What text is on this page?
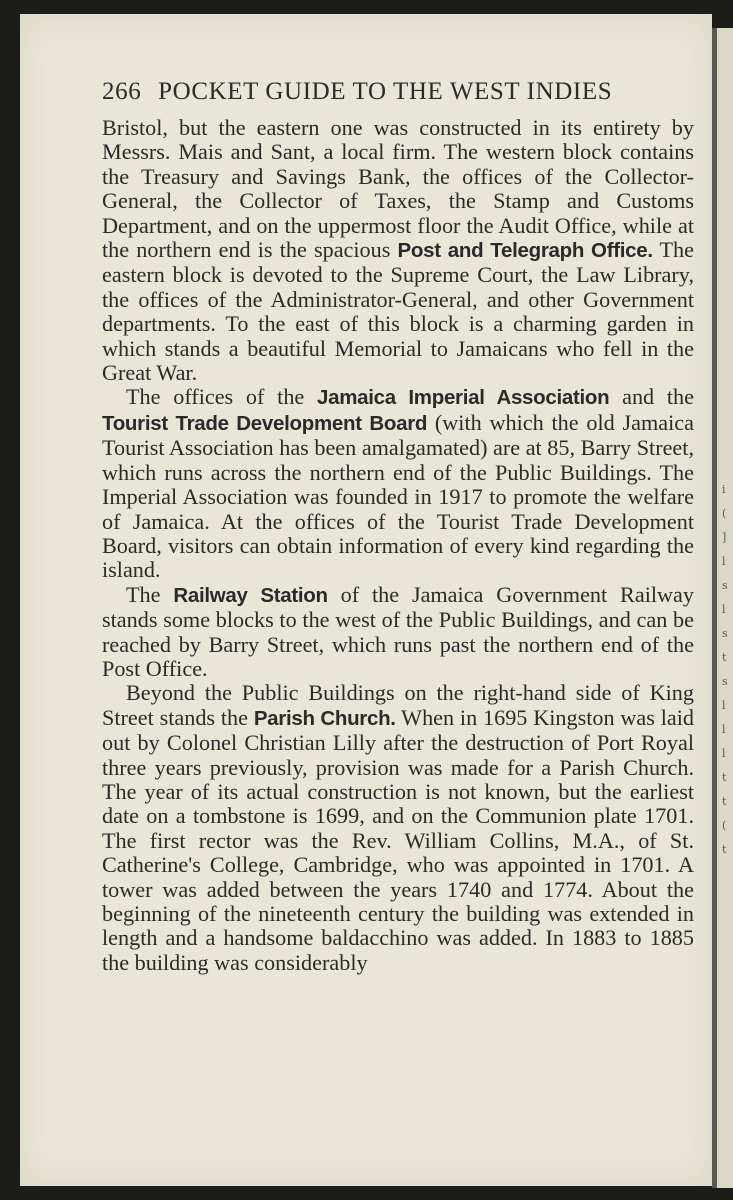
i
(
]
l
s
l
s
t
s
l
l
l
t
t
(
t
266 POCKET GUIDE TO THE WEST INDIES

Bristol, but the eastern one was constructed in its entirety by Messrs. Mais and Sant, a local firm. The western block contains the Treasury and Savings Bank, the offices of the Collector-General, the Collector of Taxes, the Stamp and Customs Department, and on the uppermost floor the Audit Office, while at the northern end is the spacious Post and Telegraph Office. The eastern block is devoted to the Supreme Court, the Law Library, the offices of the Administrator-General, and other Government departments. To the east of this block is a charming garden in which stands a beautiful Memorial to Jamaicans who fell in the Great War.

The offices of the Jamaica Imperial Association and the Tourist Trade Development Board (with which the old Jamaica Tourist Association has been amalgamated) are at 85, Barry Street, which runs across the northern end of the Public Buildings. The Imperial Association was founded in 1917 to promote the welfare of Jamaica. At the offices of the Tourist Trade Development Board, visitors can obtain information of every kind regarding the island.

The Railway Station of the Jamaica Government Railway stands some blocks to the west of the Public Buildings, and can be reached by Barry Street, which runs past the northern end of the Post Office.

Beyond the Public Buildings on the right-hand side of King Street stands the Parish Church. When in 1695 Kingston was laid out by Colonel Christian Lilly after the destruction of Port Royal three years previously, provision was made for a Parish Church. The year of its actual construction is not known, but the earliest date on a tombstone is 1699, and on the Communion plate 1701. The first rector was the Rev. William Collins, M.A., of St. Catherine's College, Cambridge, who was appointed in 1701. A tower was added between the years 1740 and 1774. About the beginning of the nineteenth century the building was extended in length and a handsome baldacchino was added. In 1883 to 1885 the building was considerably
